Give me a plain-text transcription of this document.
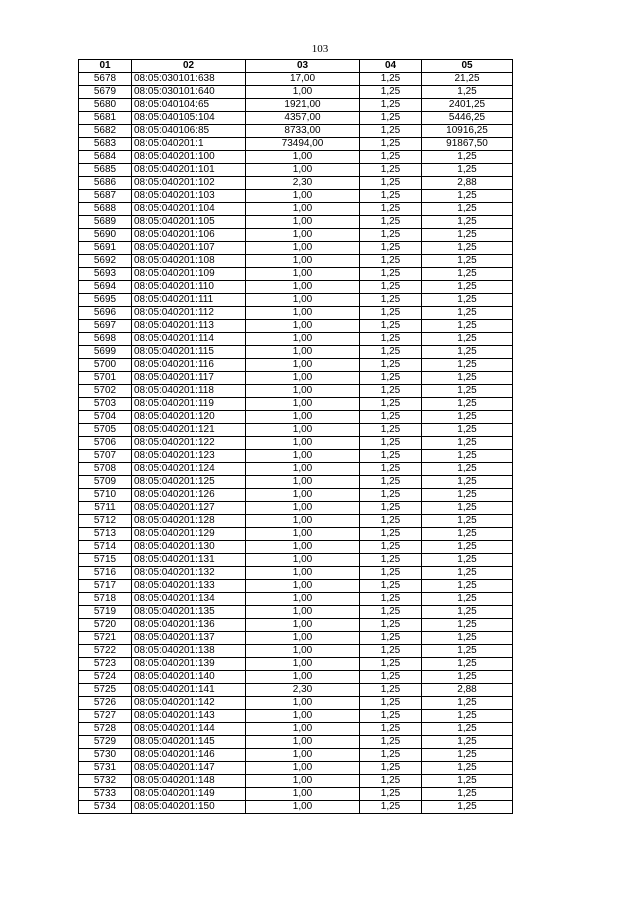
103
01	02	03	04	05
5678	08:05:030101:638	17,00	1,25	21,25
5679	08:05:030101:640	1,00	1,25	1,25
5680	08:05:040104:65	1921,00	1,25	2401,25
5681	08:05:040105:104	4357,00	1,25	5446,25
5682	08:05:040106:85	8733,00	1,25	10916,25
5683	08:05:040201:1	73494,00	1,25	91867,50
5684	08:05:040201:100	1,00	1,25	1,25
5685	08:05:040201:101	1,00	1,25	1,25
5686	08:05:040201:102	2,30	1,25	2,88
5687	08:05:040201:103	1,00	1,25	1,25
5688	08:05:040201:104	1,00	1,25	1,25
5689	08:05:040201:105	1,00	1,25	1,25
5690	08:05:040201:106	1,00	1,25	1,25
5691	08:05:040201:107	1,00	1,25	1,25
5692	08:05:040201:108	1,00	1,25	1,25
5693	08:05:040201:109	1,00	1,25	1,25
5694	08:05:040201:110	1,00	1,25	1,25
5695	08:05:040201:111	1,00	1,25	1,25
5696	08:05:040201:112	1,00	1,25	1,25
5697	08:05:040201:113	1,00	1,25	1,25
5698	08:05:040201:114	1,00	1,25	1,25
5699	08:05:040201:115	1,00	1,25	1,25
5700	08:05:040201:116	1,00	1,25	1,25
5701	08:05:040201:117	1,00	1,25	1,25
5702	08:05:040201:118	1,00	1,25	1,25
5703	08:05:040201:119	1,00	1,25	1,25
5704	08:05:040201:120	1,00	1,25	1,25
5705	08:05:040201:121	1,00	1,25	1,25
5706	08:05:040201:122	1,00	1,25	1,25
5707	08:05:040201:123	1,00	1,25	1,25
5708	08:05:040201:124	1,00	1,25	1,25
5709	08:05:040201:125	1,00	1,25	1,25
5710	08:05:040201:126	1,00	1,25	1,25
5711	08:05:040201:127	1,00	1,25	1,25
5712	08:05:040201:128	1,00	1,25	1,25
5713	08:05:040201:129	1,00	1,25	1,25
5714	08:05:040201:130	1,00	1,25	1,25
5715	08:05:040201:131	1,00	1,25	1,25
5716	08:05:040201:132	1,00	1,25	1,25
5717	08:05:040201:133	1,00	1,25	1,25
5718	08:05:040201:134	1,00	1,25	1,25
5719	08:05:040201:135	1,00	1,25	1,25
5720	08:05:040201:136	1,00	1,25	1,25
5721	08:05:040201:137	1,00	1,25	1,25
5722	08:05:040201:138	1,00	1,25	1,25
5723	08:05:040201:139	1,00	1,25	1,25
5724	08:05:040201:140	1,00	1,25	1,25
5725	08:05:040201:141	2,30	1,25	2,88
5726	08:05:040201:142	1,00	1,25	1,25
5727	08:05:040201:143	1,00	1,25	1,25
5728	08:05:040201:144	1,00	1,25	1,25
5729	08:05:040201:145	1,00	1,25	1,25
5730	08:05:040201:146	1,00	1,25	1,25
5731	08:05:040201:147	1,00	1,25	1,25
5732	08:05:040201:148	1,00	1,25	1,25
5733	08:05:040201:149	1,00	1,25	1,25
5734	08:05:040201:150	1,00	1,25	1,25
